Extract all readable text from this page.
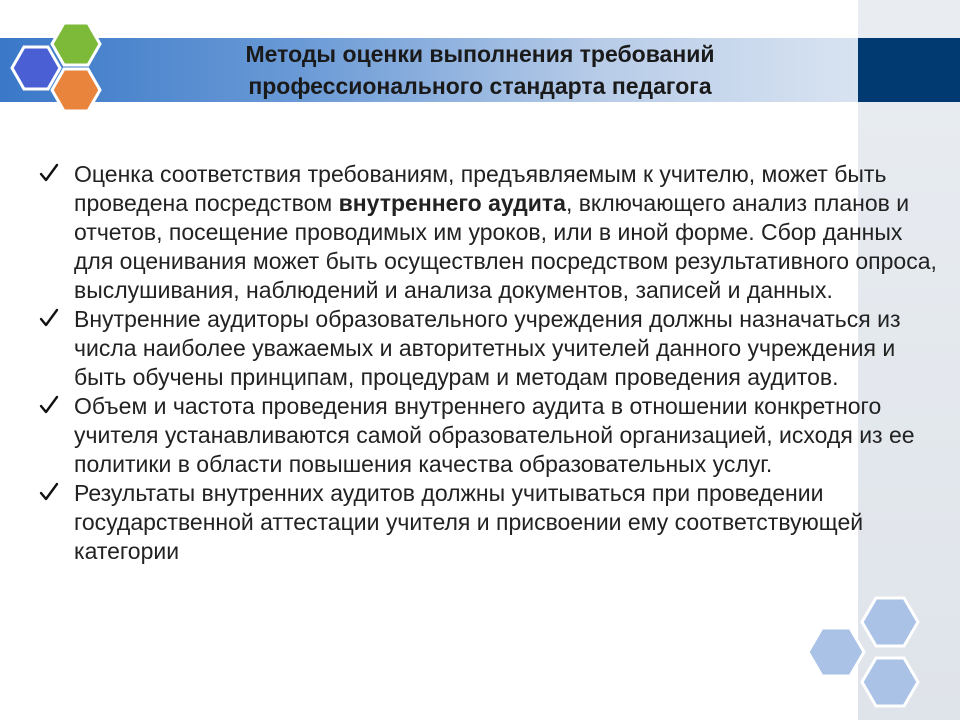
Методы оценки выполнения требований
профессионального стандарта педагога
Оценка соответствия требованиям, предъявляемым к учителю, может быть проведена посредством внутреннего аудита, включающего анализ планов и отчетов, посещение проводимых им уроков, или в иной форме. Сбор данных для оценивания может быть осуществлен посредством результативного опроса, выслушивания, наблюдений и анализа документов, записей и данных.
Внутренние аудиторы образовательного учреждения должны назначаться из числа наиболее уважаемых и авторитетных учителей данного учреждения и быть обучены принципам, процедурам и методам проведения аудитов.
Объем и частота проведения внутреннего аудита в отношении конкретного учителя устанавливаются самой образовательной организацией, исходя из ее политики в области повышения качества образовательных услуг.
Результаты внутренних аудитов должны учитываться при проведении государственной аттестации учителя и присвоении ему соответствующей категории
